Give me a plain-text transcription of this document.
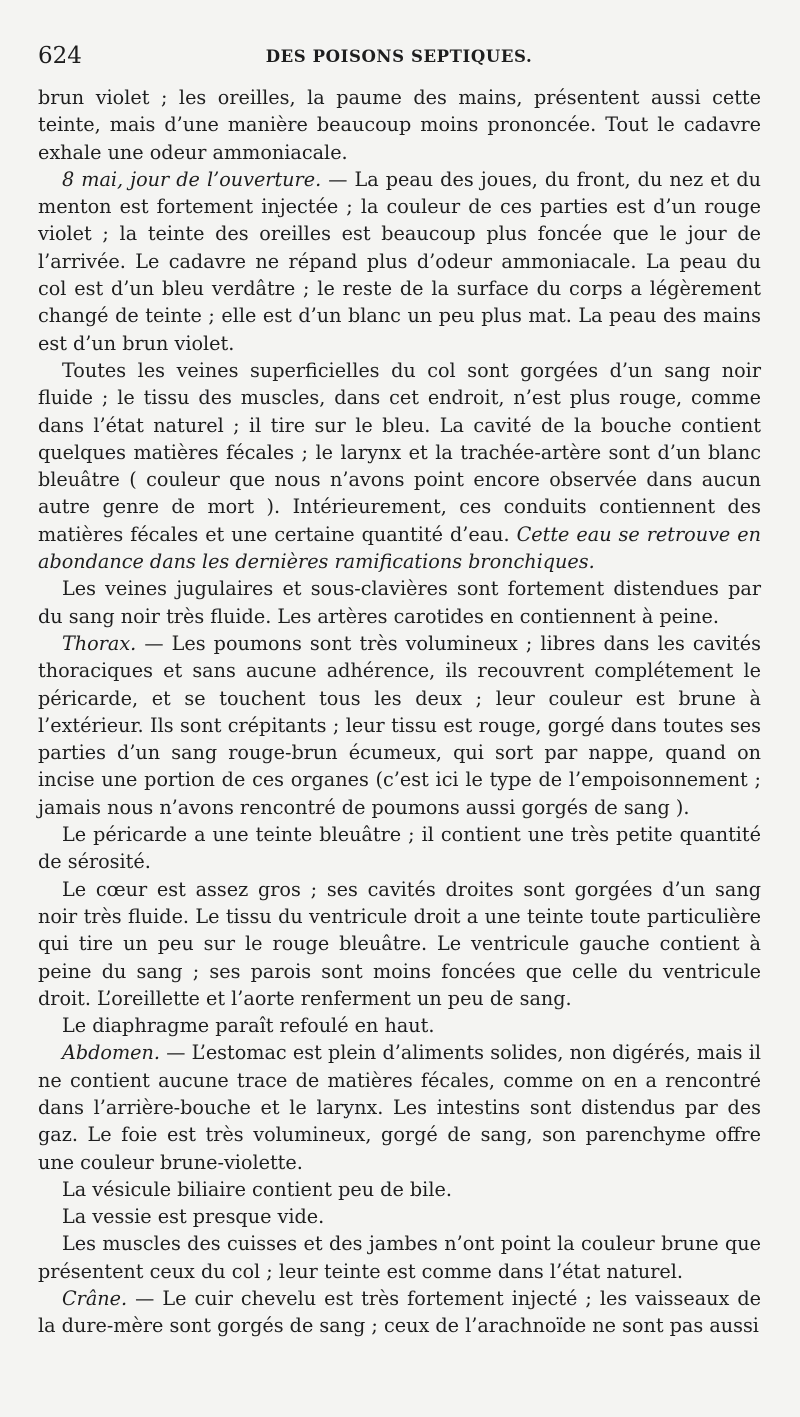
624	DES POISONS SEPTIQUES.

brun violet ; les oreilles, la paume des mains, présentent aussi cette teinte, mais d’une manière beaucoup moins prononcée. Tout le cadavre exhale une odeur ammoniacale.

8 mai, jour de l’ouverture. — La peau des joues, du front, du nez et du menton est fortement injectée ; la couleur de ces parties est d’un rouge violet ; la teinte des oreilles est beaucoup plus foncée que le jour de l’arrivée. Le cadavre ne répand plus d’odeur ammoniacale. La peau du col est d’un bleu verdâtre ; le reste de la surface du corps a légèrement changé de teinte ; elle est d’un blanc un peu plus mat. La peau des mains est d’un brun violet.

Toutes les veines superficielles du col sont gorgées d’un sang noir fluide ; le tissu des muscles, dans cet endroit, n’est plus rouge, comme dans l’état naturel ; il tire sur le bleu. La cavité de la bouche contient quelques matières fécales ; le larynx et la trachée-artère sont d’un blanc bleuâtre ( couleur que nous n’avons point encore observée dans aucun autre genre de mort ). Intérieurement, ces conduits contiennent des matières fécales et une certaine quantité d’eau. Cette eau se retrouve en abondance dans les dernières ramifications bronchiques.

Les veines jugulaires et sous-clavières sont fortement distendues par du sang noir très fluide. Les artères carotides en contiennent à peine.

Thorax. — Les poumons sont très volumineux ; libres dans les cavités thoraciques et sans aucune adhérence, ils recouvrent complétement le péricarde, et se touchent tous les deux ; leur couleur est brune à l’extérieur. Ils sont crépitants ; leur tissu est rouge, gorgé dans toutes ses parties d’un sang rouge-brun écumeux, qui sort par nappe, quand on incise une portion de ces organes (c’est ici le type de l’empoisonnement ; jamais nous n’avons rencontré de poumons aussi gorgés de sang ).

Le péricarde a une teinte bleuâtre ; il contient une très petite quantité de sérosité.

Le cœur est assez gros ; ses cavités droites sont gorgées d’un sang noir très fluide. Le tissu du ventricule droit a une teinte toute particulière qui tire un peu sur le rouge bleuâtre. Le ventricule gauche contient à peine du sang ; ses parois sont moins foncées que celle du ventricule droit. L’oreillette et l’aorte renferment un peu de sang.

Le diaphragme paraît refoulé en haut.

Abdomen. — L’estomac est plein d’aliments solides, non digérés, mais il ne contient aucune trace de matières fécales, comme on en a rencontré dans l’arrière-bouche et le larynx. Les intestins sont distendus par des gaz. Le foie est très volumineux, gorgé de sang, son parenchyme offre une couleur brune-violette.

La vésicule biliaire contient peu de bile.

La vessie est presque vide.

Les muscles des cuisses et des jambes n’ont point la couleur brune que présentent ceux du col ; leur teinte est comme dans l’état naturel.

Crâne. — Le cuir chevelu est très fortement injecté ; les vaisseaux de la dure-mère sont gorgés de sang ; ceux de l’arachnoïde ne sont pas aussi
